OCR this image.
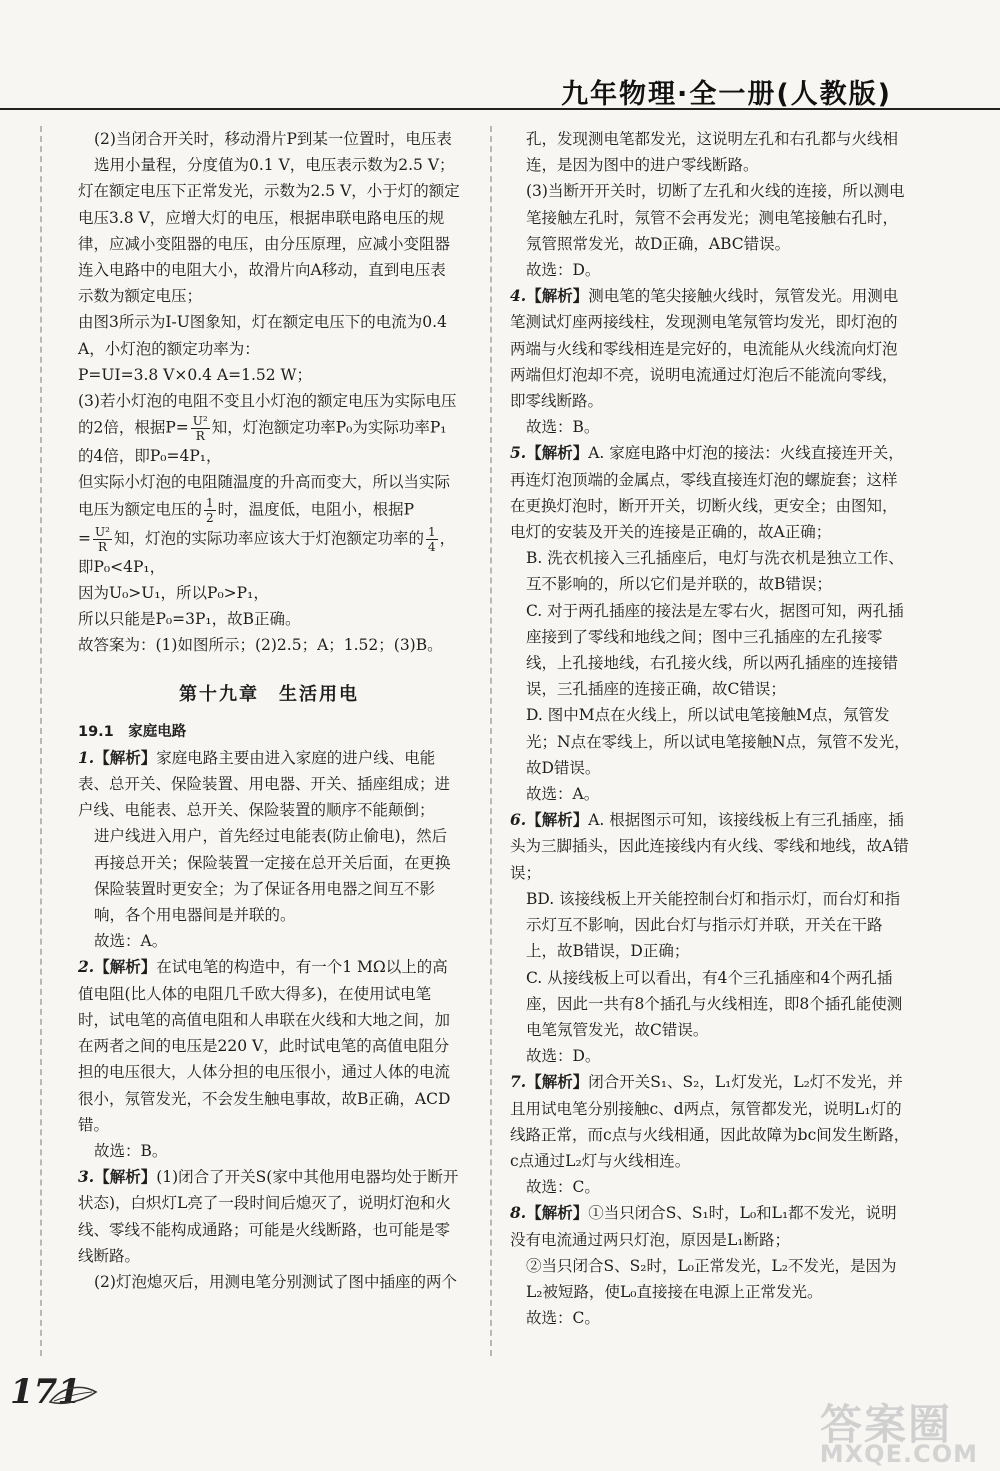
九年物理·全一册(人教版)

(2)当闭合开关时，移动滑片P到某一位置时，电压表选用小量程，分度值为0.1 V，电压表示数为2.5 V；

灯在额定电压下正常发光，示数为2.5 V，小于灯的额定电压3.8 V，应增大灯的电压，根据串联电路电压的规律，应减小变阻器的电压，由分压原理，应减小变阻器连入电路中的电阻大小，故滑片向A移动，直到电压表示数为额定电压；

由图3所示为I-U图象知，灯在额定电压下的电流为0.4 A，小灯泡的额定功率为：

P=UI=3.8 V×0.4 A=1.52 W；

(3)若小灯泡的电阻不变且小灯泡的额定电压为实际电压的2倍，根据$P= \frac{\text{U²}}{R}$ 知，灯泡额定功率P₀为实际功率P₁的4倍，即P₀=4P₁，

但实际小灯泡的电阻随温度的升高而变大，所以当实际电压为额定电压的 $\frac{1}{2}$ 时，温度低，电阻小，根据P

= $\frac{\text{U²}}{R}$ 知，灯泡的实际功率应该大于灯泡额定功率的 $\frac{1}{4}$ ，即P₀<4P₁，

因为U₀>U₁，所以P₀>P₁，

所以只能是P₀=3P₁，故B正确。

故答案为：(1)如图所示；(2)2.5；A；1.52；(3)B。

第十九章　生活用电

19.1　家庭电路

1.【解析】家庭电路主要由进入家庭的进户线、电能表、总开关、保险装置、用电器、开关、插座组成；进户线、电能表、总开关、保险装置的顺序不能颠倒；

进户线进入用户，首先经过电能表(防止偷电)，然后再接总开关；保险装置一定接在总开关后面，在更换保险装置时更安全；为了保证各用电器之间互不影响，各个用电器间是并联的。

故选：A。

2.【解析】在试电笔的构造中，有一个1 MΩ以上的高值电阻(比人体的电阻几千欧大得多)，在使用试电笔时，试电笔的高值电阻和人串联在火线和大地之间，加在两者之间的电压是220 V，此时试电笔的高值电阻分担的电压很大，人体分担的电压很小，通过人体的电流很小，氖管发光，不会发生触电事故，故B正确，ACD错。

故选：B。

3.【解析】(1)闭合了开关S(家中其他用电器均处于断开状态)，白炽灯L亮了一段时间后熄灭了，说明灯泡和火线、零线不能构成通路；可能是火线断路，也可能是零线断路。

(2)灯泡熄灭后，用测电笔分别测试了图中插座的两个

孔，发现测电笔都发光，这说明左孔和右孔都与火线相连，是因为图中的进户零线断路。

(3)当断开开关时，切断了左孔和火线的连接，所以测电笔接触左孔时，氖管不会再发光；测电笔接触右孔时，氖管照常发光，故D正确，ABC错误。

故选：D。

4.【解析】测电笔的笔尖接触火线时，氖管发光。用测电笔测试灯座两接线柱，发现测电笔氖管均发光，即灯泡的两端与火线和零线相连是完好的，电流能从火线流向灯泡两端但灯泡却不亮，说明电流通过灯泡后不能流向零线，即零线断路。

故选：B。

5.【解析】A. 家庭电路中灯泡的接法：火线直接连开关，再连灯泡顶端的金属点，零线直接连灯泡的螺旋套；这样在更换灯泡时，断开开关，切断火线，更安全；由图知，电灯的安装及开关的连接是正确的，故A正确；

B. 洗衣机接入三孔插座后，电灯与洗衣机是独立工作、互不影响的，所以它们是并联的，故B错误；

C. 对于两孔插座的接法是左零右火，据图可知，两孔插座接到了零线和地线之间；图中三孔插座的左孔接零线，上孔接地线，右孔接火线，所以两孔插座的连接错误，三孔插座的连接正确，故C错误；

D. 图中M点在火线上，所以试电笔接触M点，氖管发光；N点在零线上，所以试电笔接触N点，氖管不发光，故D错误。

故选：A。

6.【解析】A. 根据图示可知，该接线板上有三孔插座，插头为三脚插头，因此连接线内有火线、零线和地线，故A错误；

BD. 该接线板上开关能控制台灯和指示灯，而台灯和指示灯互不影响，因此台灯与指示灯并联，开关在干路上，故B错误，D正确；

C. 从接线板上可以看出，有4个三孔插座和4个两孔插座，因此一共有8个插孔与火线相连，即8个插孔能使测电笔氖管发光，故C错误。

故选：D。

7.【解析】闭合开关S₁、S₂，L₁灯发光，L₂灯不发光，并且用试电笔分别接触c、d两点，氖管都发光，说明L₁灯的线路正常，而c点与火线相通，因此故障为bc间发生断路，c点通过L₂灯与火线相连。

故选：C。

8.【解析】①当只闭合S、S₁时，L₀和L₁都不发光，说明没有电流通过两只灯泡，原因是L₁断路；

②当只闭合S、S₂时，L₀正常发光，L₂不发光，是因为L₂被短路，使L₀直接接在电源上正常发光。

故选：C。

171
答案圈
MXQE.COM
